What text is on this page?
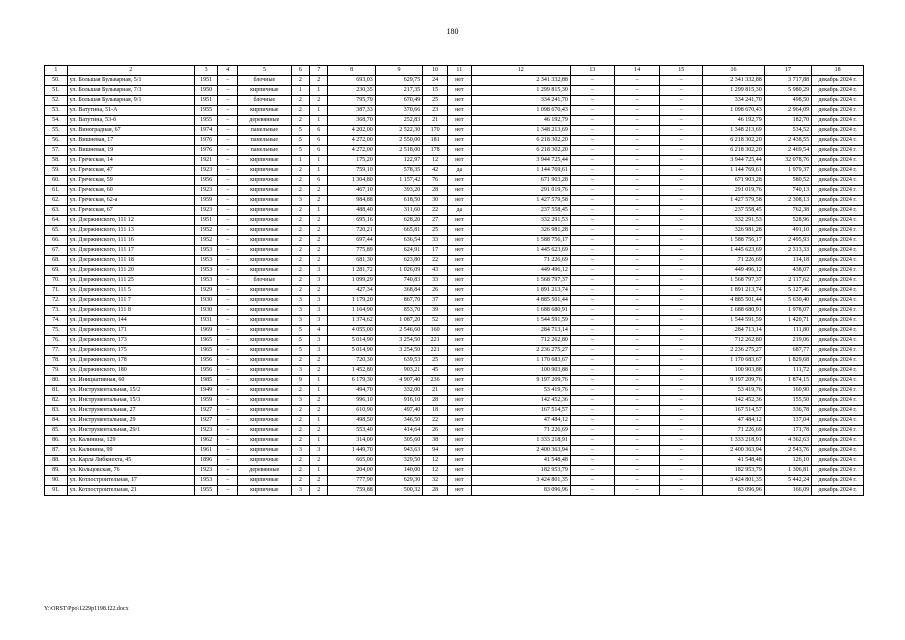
180
1	2	3	4	5	6	7	8	9	10	11	12	13	14	15	16	17	18
50.	ул. Большая Бульварная, 5/1	1951	–	блочные	2	2	693,03	629,75	24	нет	2 341 332,88	–	–	–	2 341 332,88	3 717,88	декабрь 2024 г.
51.	ул. Большая Бульварная, 7/3	1950	–	кирпичные	1	1	230,35	217,35	15	нет	1 299 815,30	–	–	–	1 299 815,30	5 980,29	декабрь 2024 г.
52.	ул. Большая Бульварная, 9/1	1951	–	блочные	2	2	795,79	670,49	25	нет	334 241,70	–	–	–	334 241,70	498,50	декабрь 2024 г.
53.	ул. Ватутина, 51-А	1955	–	кирпичные	2	1	387,33	370,66	23	нет	1 098 670,43	–	–	–	1 098 670,43	2 964,09	декабрь 2024 г.
54.	ул. Ватутина, 53-б	1955	–	деревянные	2	1	368,70	252,83	21	нет	46 192,79	–	–	–	46 192,79	182,70	декабрь 2024 г.
55.	ул. Виноградная, 67	1974	–	панельные	5	6	4 202,00	2 522,30	170	нет	1 348 213,69	–	–	–	1 348 213,69	534,52	декабрь 2024 г.
56.	ул. Вишневая, 17	1976	–	панельные	5	6	4 272,00	2 550,00	181	нет	6 218 302,20	–	–	–	6 218 302,20	2 438,55	декабрь 2024 г.
57.	ул. Вишневая, 19	1976	–	панельные	5	6	4 272,00	2 518,00	178	нет	6 218 302,20	–	–	–	6 218 302,20	2 469,54	декабрь 2024 г.
58.	ул. Греческая, 14	1921	–	кирпичные	1	1	175,20	122,97	12	нет	3 944 725,44	–	–	–	3 944 725,44	32 078,76	декабрь 2024 г.
59.	ул. Греческая, 47	1923	–	кирпичные	2	1	759,10	578,35	42	да	1 144 769,61	–	–	–	1 144 769,61	1 979,37	декабрь 2024 г.
60.	ул. Греческая, 59	1956	–	кирпичные	2	6	1 304,80	1 157,42	76	нет	671 903,28	–	–	–	671 903,28	580,52	декабрь 2024 г.
61.	ул. Греческая, 60	1923	–	кирпичные	2	2	467,10	393,20	28	нет	291 019,76	–	–	–	291 019,76	740,13	декабрь 2024 г.
62.	ул. Греческая, 62-а	1959	–	кирпичные	3	2	984,88	618,50	30	нет	1 427 579,58	–	–	–	1 427 579,58	2 308,13	декабрь 2024 г.
63.	ул. Греческая, 67	1923	–	кирпичные	2	1	488,40	311,60	22	да	237 558,45	–	–	–	237 558,45	762,38	декабрь 2024 г.
64.	ул. Дзержинского, 111 12	1951	–	кирпичные	2	2	695,16	628,20	27	нет	332 291,53	–	–	–	332 291,53	528,96	декабрь 2024 г.
65.	ул. Дзержинского, 111 13	1952	–	кирпичные	2	2	720,21	665,81	25	нет	326 981,28	–	–	–	326 981,28	491,10	декабрь 2024 г.
66.	ул. Дзержинского, 111 16	1952	–	кирпичные	2	2	697,44	636,54	33	нет	1 588 756,17	–	–	–	1 588 756,17	2 495,93	декабрь 2024 г.
67.	ул. Дзержинского, 111 17	1953	–	кирпичные	2	2	775,89	624,91	17	нет	1 445 623,69	–	–	–	1 445 623,69	2 313,33	декабрь 2024 г.
68.	ул. Дзержинского, 111 18	1953	–	кирпичные	2	2	681,30	623,80	22	нет	71 226,69	–	–	–	71 226,69	114,18	декабрь 2024 г.
69.	ул. Дзержинского, 111 20	1953	–	кирпичные	2	3	1 281,72	1 026,09	43	нет	449 496,12	–	–	–	449 496,12	438,07	декабрь 2024 г.
70.	ул. Дзержинского, 111 25	1953	–	блочные	2	3	1 099,29	740,83	33	нет	1 568 797,37	–	–	–	1 568 797,37	2 117,62	декабрь 2024 г.
71.	ул. Дзержинского, 111 5	1929	–	кирпичные	2	2	427,34	368,84	26	нет	1 891 213,74	–	–	–	1 891 213,74	5 127,46	декабрь 2024 г.
72.	ул. Дзержинского, 111 7	1930	–	кирпичные	3	3	1 179,20	867,70	37	нет	4 885 501,44	–	–	–	4 885 501,44	5 630,40	декабрь 2024 г.
73.	ул. Дзержинского, 111 8	1930	–	кирпичные	3	3	1 164,90	853,70	39	нет	1 688 680,91	–	–	–	1 688 680,91	1 978,07	декабрь 2024 г.
74.	ул. Дзержинского, 144	1931	–	кирпичные	3	3	1 374,62	1 087,20	52	нет	1 544 591,59	–	–	–	1 544 591,59	1 420,71	декабрь 2024 г.
75.	ул. Дзержинского, 171	1969	–	кирпичные	5	4	4 055,00	2 546,60	160	нет	284 713,14	–	–	–	284 713,14	111,80	декабрь 2024 г.
76.	ул. Дзержинского, 173	1965	–	кирпичные	5	3	5 014,90	3 254,50	221	нет	712 262,80	–	–	–	712 262,80	219,06	декабрь 2024 г.
77.	ул. Дзержинского, 175	1965	–	кирпичные	5	3	5 014,90	3 254,50	221	нет	2 236 275,27	–	–	–	2 236 275,27	687,77	декабрь 2024 г.
78.	ул. Дзержинского, 178	1956	–	кирпичные	2	2	720,30	639,53	25	нет	1 170 683,67	–	–	–	1 170 683,67	1 829,68	декабрь 2024 г.
79.	ул. Дзержинского, 180	1956	–	кирпичные	3	2	1 452,80	903,21	45	нет	100 903,88	–	–	–	100 903,88	111,72	декабрь 2024 г.
80.	ул. Инициативная, 60	1985	–	кирпичные	9	1	6 179,30	4 907,40	236	нет	9 197 209,76	–	–	–	9 197 209,76	1 874,15	декабрь 2024 г.
81.	ул. Инструментальная, 15/2	1949	–	кирпичные	2	1	494,70	332,00	21	нет	53 419,76	–	–	–	53 419,76	160,90	декабрь 2024 г.
82.	ул. Инструментальная, 15/3	1959	–	кирпичные	3	2	996,10	916,10	28	нет	142 452,36	–	–	–	142 452,36	155,50	декабрь 2024 г.
83.	ул. Инструментальная, 27	1927	–	кирпичные	2	2	610,90	497,40	18	нет	167 514,57	–	–	–	167 514,57	336,78	декабрь 2024 г.
84.	ул. Инструментальная, 29	1927	–	кирпичные	2	1	498,50	346,50	22	нет	47 484,12	–	–	–	47 484,12	137,04	декабрь 2024 г.
85.	ул. Инструментальная, 29/1	1923	–	кирпичные	2	2	553,40	414,64	26	нет	71 226,69	–	–	–	71 226,69	171,78	декабрь 2024 г.
86.	ул. Калинина, 129	1962	–	кирпичные	2	1	314,00	305,60	38	нет	1 333 218,91	–	–	–	1 333 218,91	4 362,63	декабрь 2024 г.
87.	ул. Калинина, 99	1961	–	кирпичные	3	3	1 449,70	943,63	94	нет	2 400 363,94	–	–	–	2 400 363,94	2 543,76	декабрь 2024 г.
88.	ул. Карла Либкнехта, 45	1896	–	кирпичные	2	2	665,00	329,50	12	нет	41 548,48	–	–	–	41 548,48	126,10	декабрь 2024 г.
89.	ул. Кольцовская, 76	1923	–	деревянные	2	1	204,00	140,00	12	нет	182 953,79	–	–	–	182 953,79	1 306,81	декабрь 2024 г.
90.	ул. Котлостроительная, 17	1953	–	кирпичные	2	2	777,90	629,30	32	нет	3 424 801,35	–	–	–	3 424 801,35	5 442,24	декабрь 2024 г.
91.	ул. Котлостроительная, 21	1955	–	кирпичные	3	2	759,88	500,32	28	нет	83 096,96	–	–	–	83 096,96	166,09	декабрь 2024 г.
Y:\ORST\Ppo\1229p1198.f22.docx
